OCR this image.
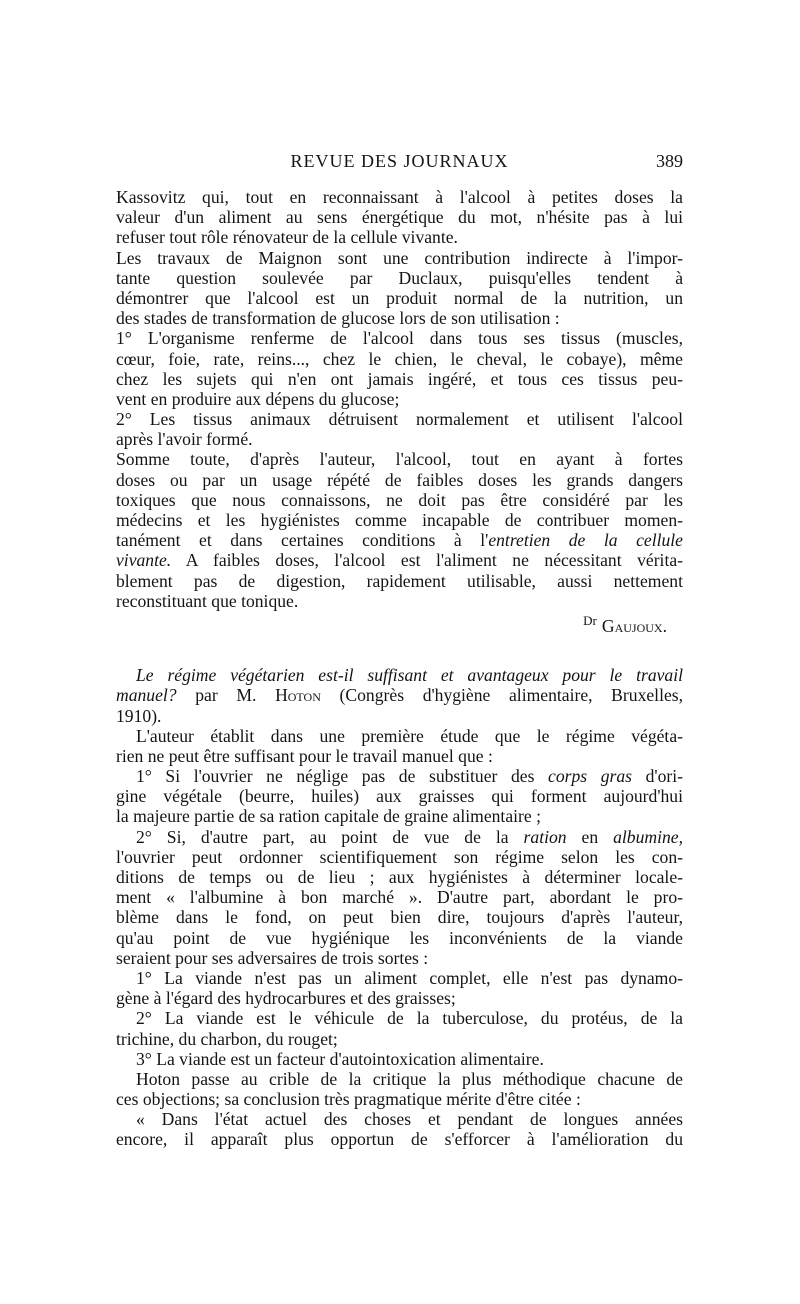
REVUE DES JOURNAUX	389
Kassovitz qui, tout en reconnaissant à l'alcool à petites doses la
valeur d'un aliment au sens énergétique du mot, n'hésite pas à lui
refuser tout rôle rénovateur de la cellule vivante.
Les travaux de Maignon sont une contribution indirecte à l'impor-
tante question soulevée par Duclaux, puisqu'elles tendent à
démontrer que l'alcool est un produit normal de la nutrition, un
des stades de transformation de glucose lors de son utilisation :
1° L'organisme renferme de l'alcool dans tous ses tissus (muscles,
cœur, foie, rate, reins..., chez le chien, le cheval, le cobaye), même
chez les sujets qui n'en ont jamais ingéré, et tous ces tissus peu-
vent en produire aux dépens du glucose;
2° Les tissus animaux détruisent normalement et utilisent l'alcool
après l'avoir formé.
Somme toute, d'après l'auteur, l'alcool, tout en ayant à fortes
doses ou par un usage répété de faibles doses les grands dangers
toxiques que nous connaissons, ne doit pas être considéré par les
médecins et les hygiénistes comme incapable de contribuer momen-
tanément et dans certaines conditions à l'entretien de la cellule
vivante. A faibles doses, l'alcool est l'aliment ne nécessitant vérita-
blement pas de digestion, rapidement utilisable, aussi nettement
reconstituant que tonique.
$^{Dr}$ Gaujoux.
Le régime végétarien est-il suffisant et avantageux pour le travail
manuel? par M. Hoton (Congrès d'hygiène alimentaire, Bruxelles,
1910).
L'auteur établit dans une première étude que le régime végéta-
rien ne peut être suffisant pour le travail manuel que :
1° Si l'ouvrier ne néglige pas de substituer des corps gras d'ori-
gine végétale (beurre, huiles) aux graisses qui forment aujourd'hui
la majeure partie de sa ration capitale de graine alimentaire ;
2° Si, d'autre part, au point de vue de la ration en albumine,
l'ouvrier peut ordonner scientifiquement son régime selon les con-
ditions de temps ou de lieu ; aux hygiénistes à déterminer locale-
ment « l'albumine à bon marché ». D'autre part, abordant le pro-
blème dans le fond, on peut bien dire, toujours d'après l'auteur,
qu'au point de vue hygiénique les inconvénients de la viande
seraient pour ses adversaires de trois sortes :
1° La viande n'est pas un aliment complet, elle n'est pas dynamo-
gène à l'égard des hydrocarbures et des graisses;
2° La viande est le véhicule de la tuberculose, du protéus, de la
trichine, du charbon, du rouget;
3° La viande est un facteur d'autointoxication alimentaire.
Hoton passe au crible de la critique la plus méthodique chacune de
ces objections; sa conclusion très pragmatique mérite d'être citée :
« Dans l'état actuel des choses et pendant de longues années
encore, il apparaît plus opportun de s'efforcer à l'amélioration du
